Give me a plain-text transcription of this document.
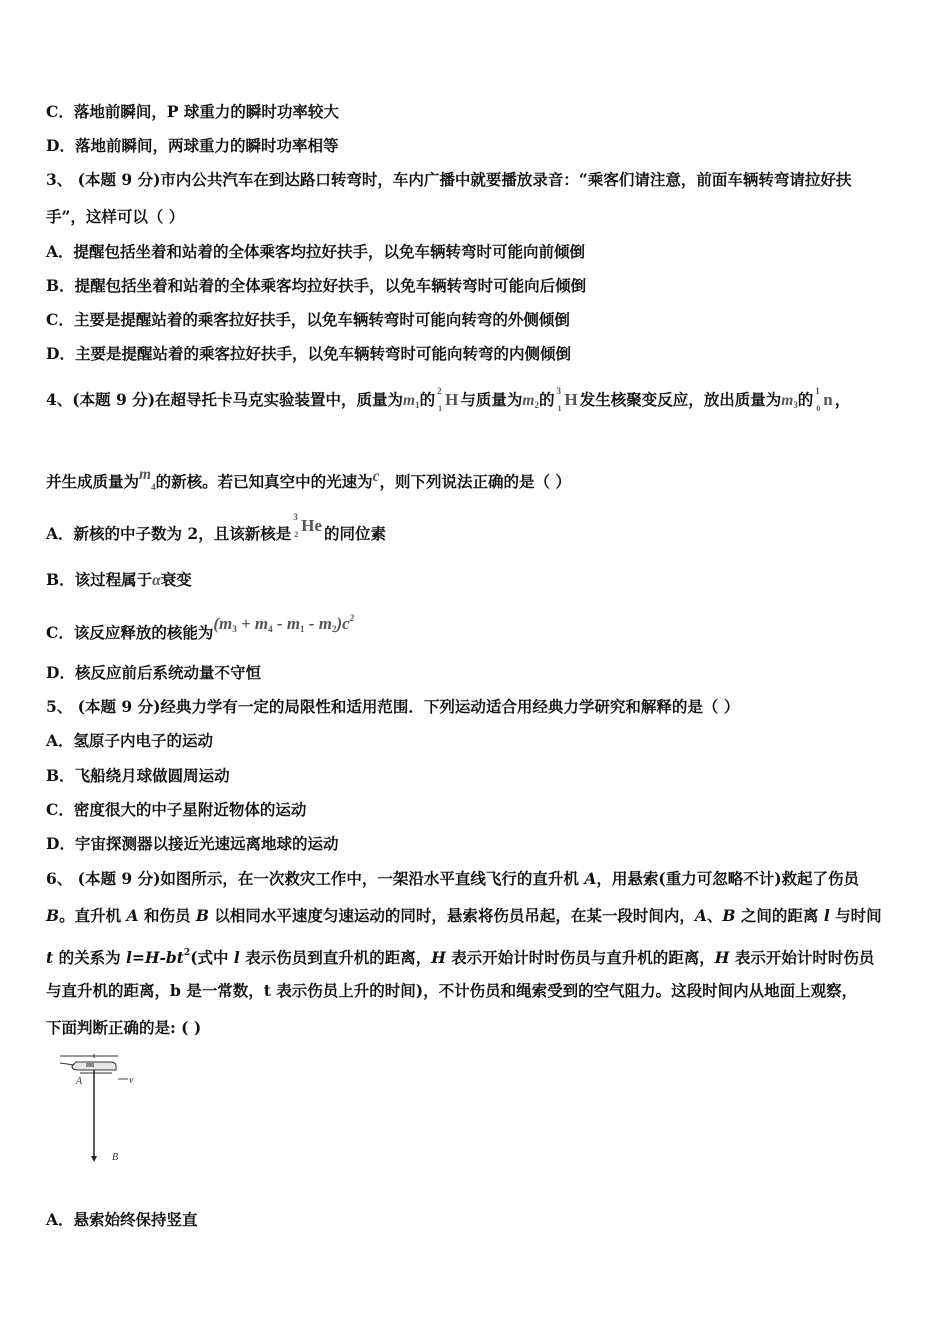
C．落地前瞬间，P 球重力的瞬时功率较大
D．落地前瞬间，两球重力的瞬时功率相等
3、 (本题 9 分)市内公共汽车在到达路口转弯时，车内广播中就要播放录音：“乘客们请注意，前面车辆转弯请拉好扶
手”，这样可以（ ）
A．提醒包括坐着和站着的全体乘客均拉好扶手，以免车辆转弯时可能向前倾倒
B．提醒包括坐着和站着的全体乘客均拉好扶手，以免车辆转弯时可能向后倾倒
C．主要是提醒站着的乘客拉好扶手，以免车辆转弯时可能向转弯的外侧倾倒
D．主要是提醒站着的乘客拉好扶手，以免车辆转弯时可能向转弯的内侧倾倒
4、(本题 9 分)在超导托卡马克实验装置中，质量为m1的 2
1 H 与质量为m2的 3
1 H 发生核聚变反应，放出质量为m3的 1
0 n ，
并生成质量为m4的新核。若已知真空中的光速为c，则下列说法正确的是（ ）
A．新核的中子数为 2，且该新核是
3
2 He 的同位素
B．该过程属于α衰变
C．该反应释放的核能为$(m3 + m4 - m1 - m2)c^2$
D．核反应前后系统动量不守恒
5、 (本题 9 分)经典力学有一定的局限性和适用范围．下列运动适合用经典力学研究和解释的是（ ）
A．氢原子内电子的运动
B．飞船绕月球做圆周运动
C．密度很大的中子星附近物体的运动
D．宇宙探测器以接近光速远离地球的运动
6、 (本题 9 分)如图所示，在一次救灾工作中，一架沿水平直线飞行的直升机 A，用悬索(重力可忽略不计)救起了伤员
B。直升机 A 和伤员 B 以相同水平速度匀速运动的同时，悬索将伤员吊起，在某一段时间内，A、B 之间的距离 l 与时间
t 的关系为 $l=H-bt^2$(式中 l 表示伤员到直升机的距离，H 表示开始计时时伤员与直升机的距离，H 表示开始计时时伤员
与直升机的距离，b 是一常数，t 表示伤员上升的时间)，不计伤员和绳索受到的空气阻力。这段时间内从地面上观察，
下面判断正确的是: ( )
A	v
B
A．悬索始终保持竖直
